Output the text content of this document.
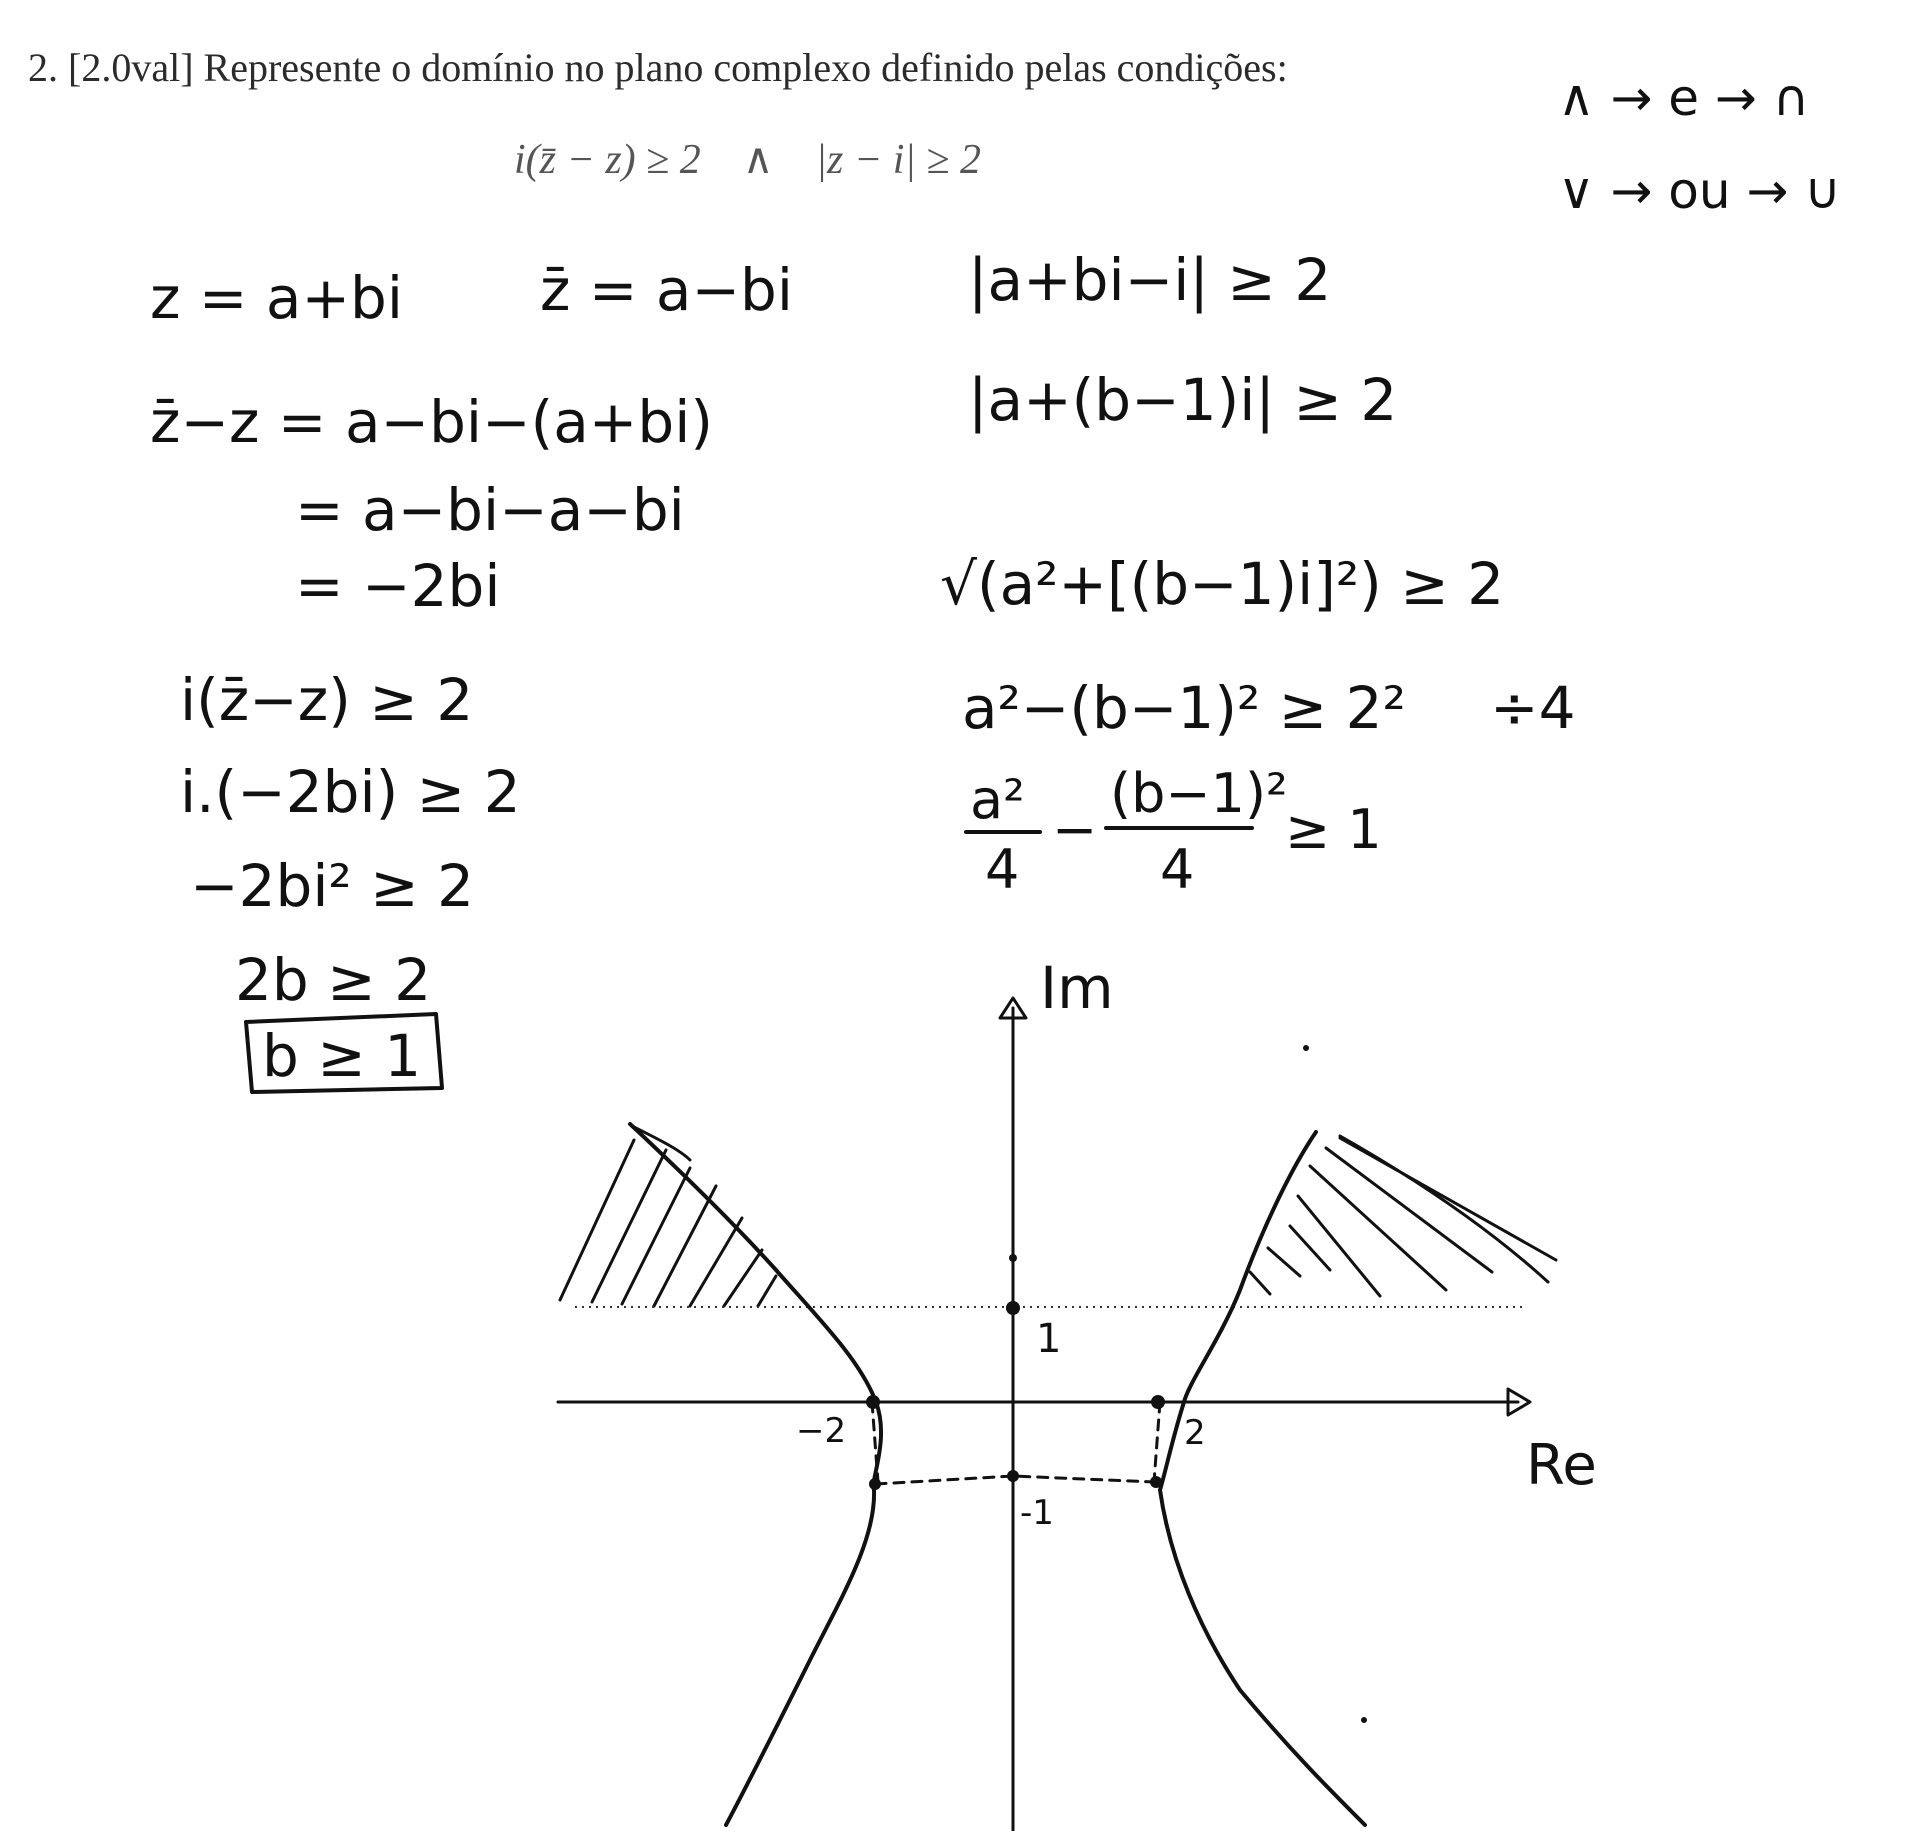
2. [2.0val] Represente o domínio no plano complexo definido pelas condições:
i(z̄ − z) ≥ 2 ∧ |z − i| ≥ 2
∧ → e → ∩
∨ → ou → ∪
z = a+bi z̄ = a−bi
z̄−z = a−bi−(a+bi)
= a−bi−a−bi
= −2bi
i(z̄−z) ≥ 2
i.(−2bi) ≥ 2
−2bi² ≥ 2
2b ≥ 2
b ≥ 1
|a+bi−i| ≥ 2
|a+(b−1)i| ≥ 2
√(a²+[(b−1)i]²) ≥ 2
a²−(b−1)² ≥ 2² ÷4
a²
4
−
(b−1)²
4
≥ 1
Im
Re
−2	2
1
-1
